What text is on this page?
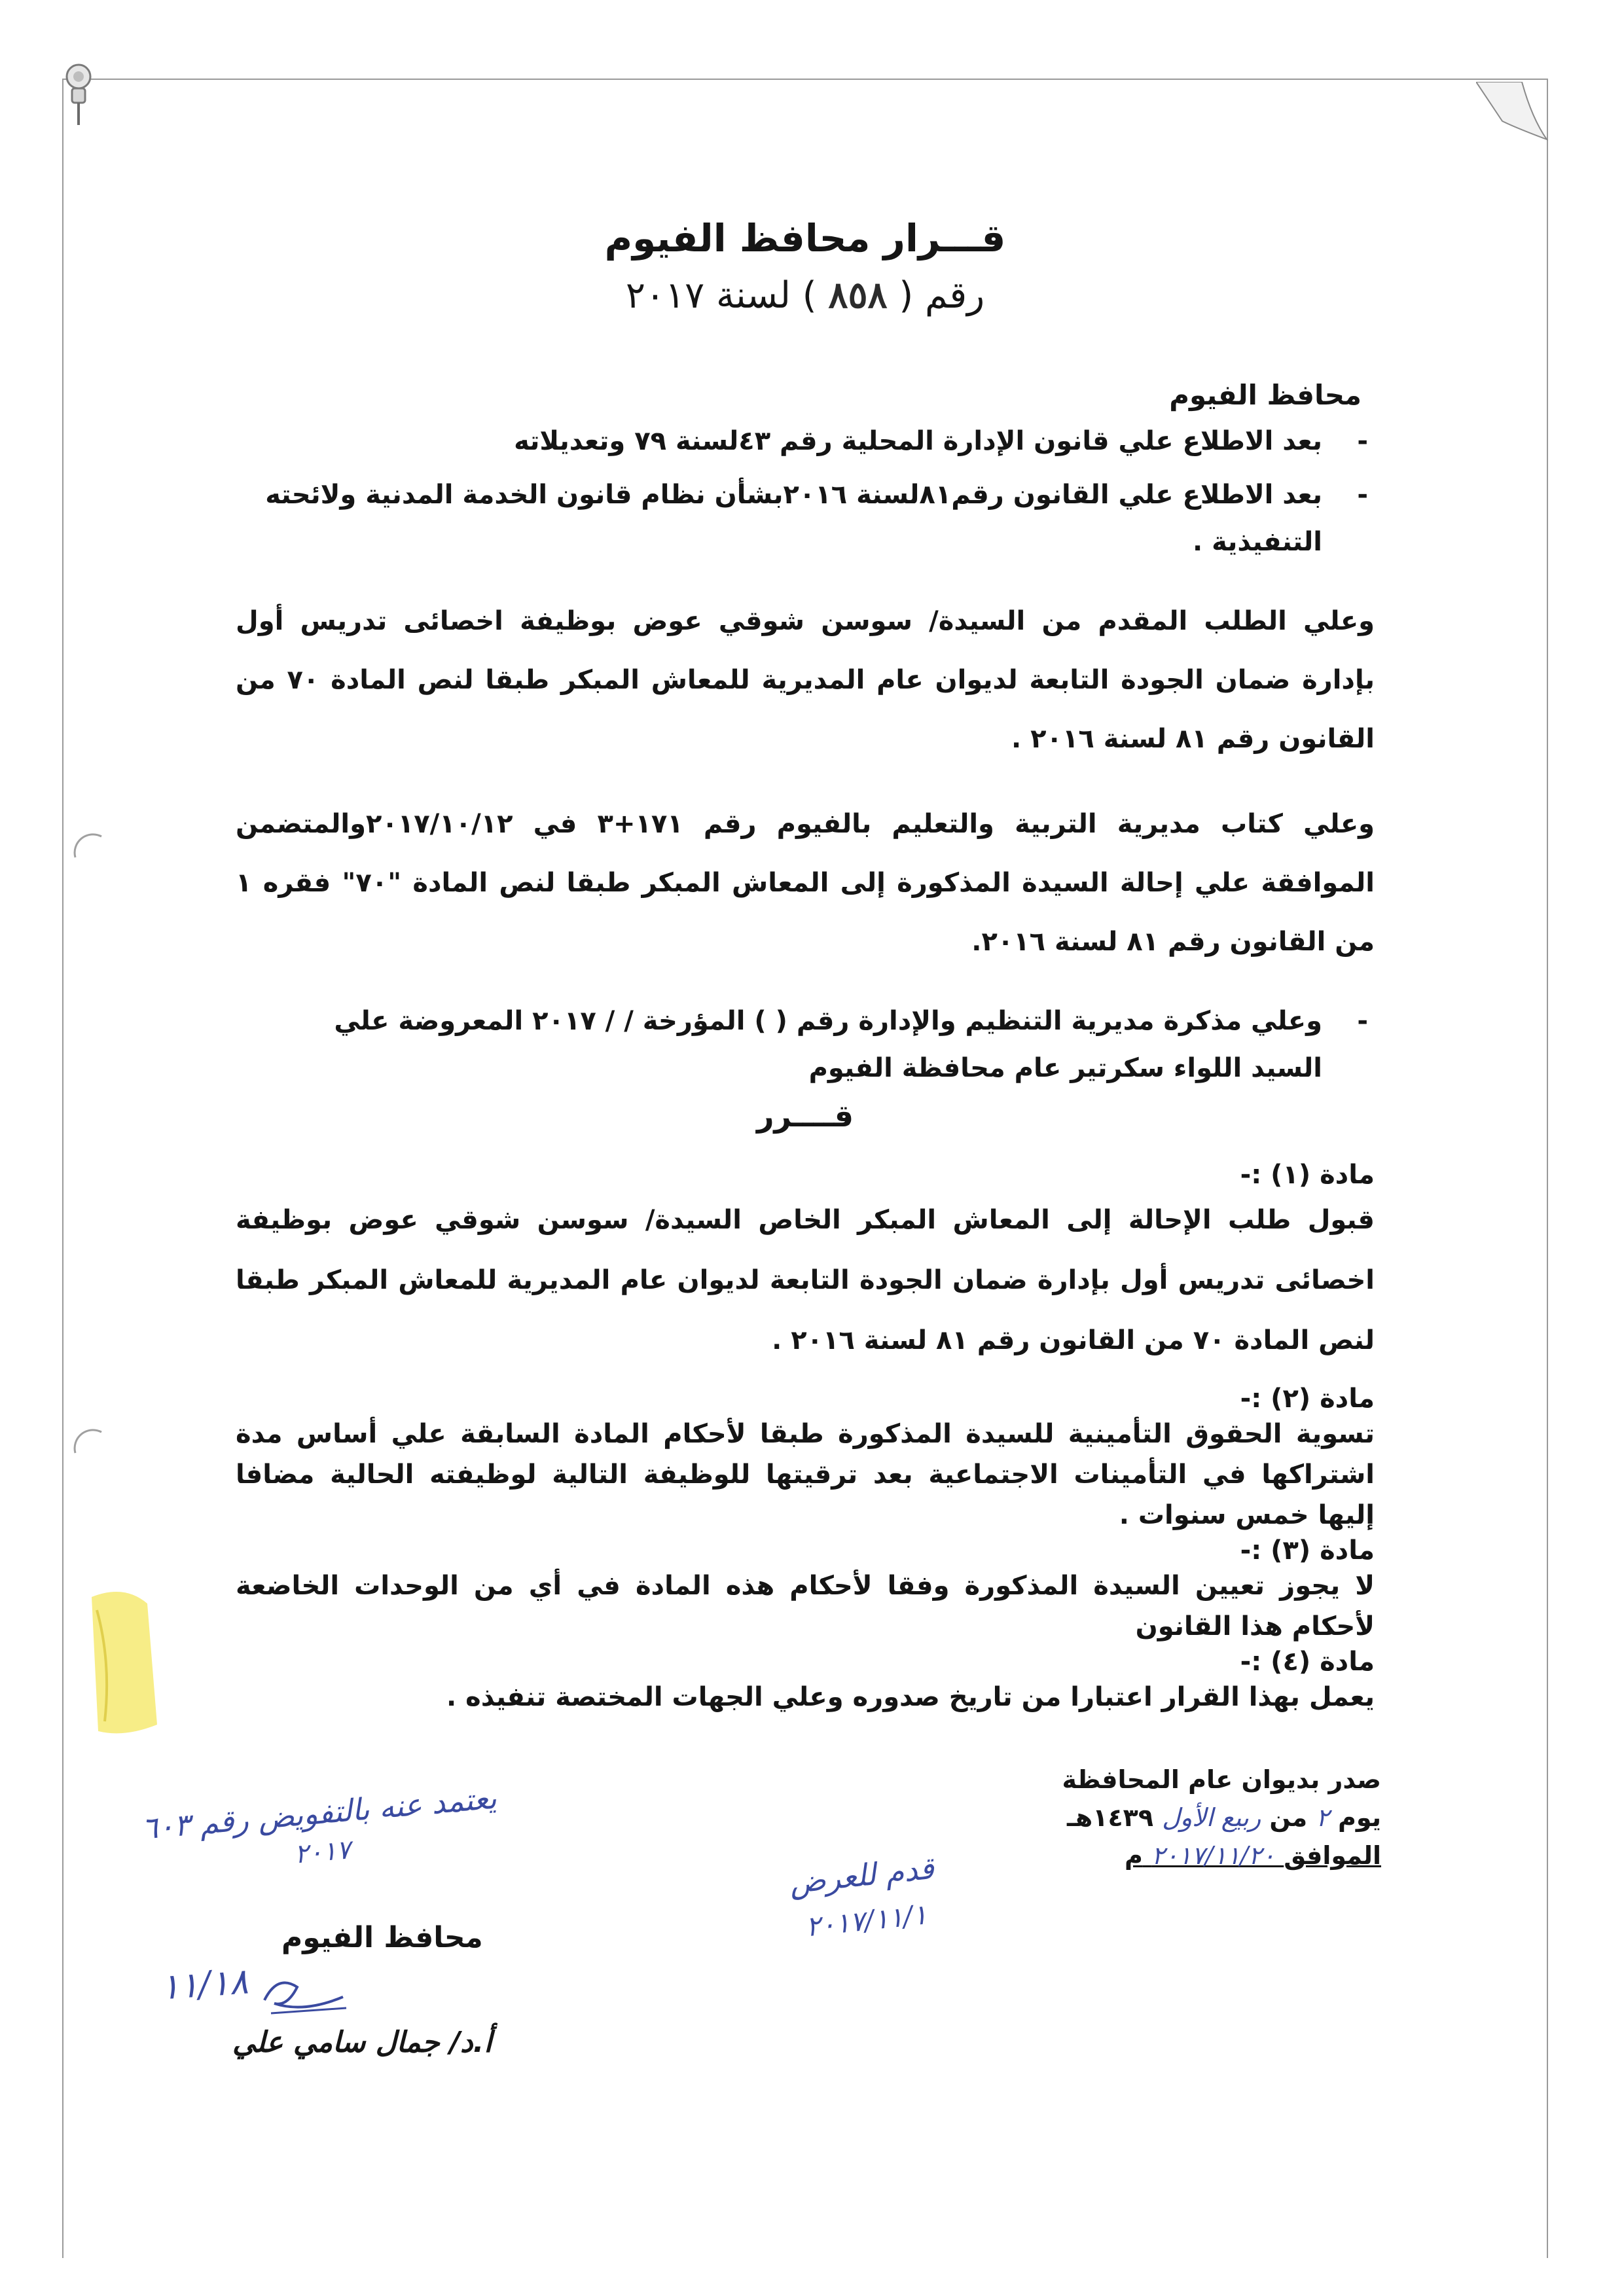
قـــرار محافظ الفيوم
رقم ( ٨٥٨ ) لسنة ٢٠١٧
محافظ الفيوم
- بعد الاطلاع علي قانون الإدارة المحلية رقم ٤٣لسنة ٧٩ وتعديلاته
- بعد الاطلاع علي القانون رقم٨١لسنة ٢٠١٦بشأن نظام قانون الخدمة المدنية ولائحته التنفيذية .

وعلي الطلب المقدم من السيدة/ سوسن شوقي عوض بوظيفة اخصائى تدريس أول بإدارة ضمان الجودة التابعة لديوان عام المديرية للمعاش المبكر طبقا لنص المادة ٧٠ من القانون رقم ٨١ لسنة ٢٠١٦ .

وعلي كتاب مديرية التربية والتعليم بالفيوم رقم ١٧١+٣ في ٢٠١٧/١٠/١٢والمتضمن الموافقة علي إحالة السيدة المذكورة إلى المعاش المبكر طبقا لنص المادة "٧٠" فقره ١ من القانون رقم ٨١ لسنة ٢٠١٦.

- وعلي مذكرة مديرية التنظيم والإدارة رقم ( ) المؤرخة / / ٢٠١٧ المعروضة علي السيد اللواء سكرتير عام محافظة الفيوم
قــــرر
مادة (١) :-
قبول طلب الإحالة إلى المعاش المبكر الخاص السيدة/ سوسن شوقي عوض بوظيفة اخصائى تدريس أول بإدارة ضمان الجودة التابعة لديوان عام المديرية للمعاش المبكر طبقا لنص المادة ٧٠ من القانون رقم ٨١ لسنة ٢٠١٦ .
مادة (٢) :-
تسوية الحقوق التأمينية للسيدة المذكورة طبقا لأحكام المادة السابقة علي أساس مدة اشتراكها في التأمينات الاجتماعية بعد ترقيتها للوظيفة التالية لوظيفته الحالية مضافا إليها خمس سنوات .
مادة (٣) :-
لا يجوز تعيين السيدة المذكورة وفقا لأحكام هذه المادة في أي من الوحدات الخاضعة لأحكام هذا القانون
مادة (٤) :-
يعمل بهذا القرار اعتبارا من تاريخ صدوره وعلي الجهات المختصة تنفيذه .
صدر بديوان عام المحافظة
يوم ٢ من ربيع الأول ١٤٣٩هـ
الموافق ٢٠١٧/١١/٢٠ م
يعتمد عنه بالتفويض رقم ٦٠٣
٢٠١٧	قدم للعرض
٢٠١٧/١١/١
محافظ الفيوم
١١/١٨
أ.د/ جمال سامي علي
